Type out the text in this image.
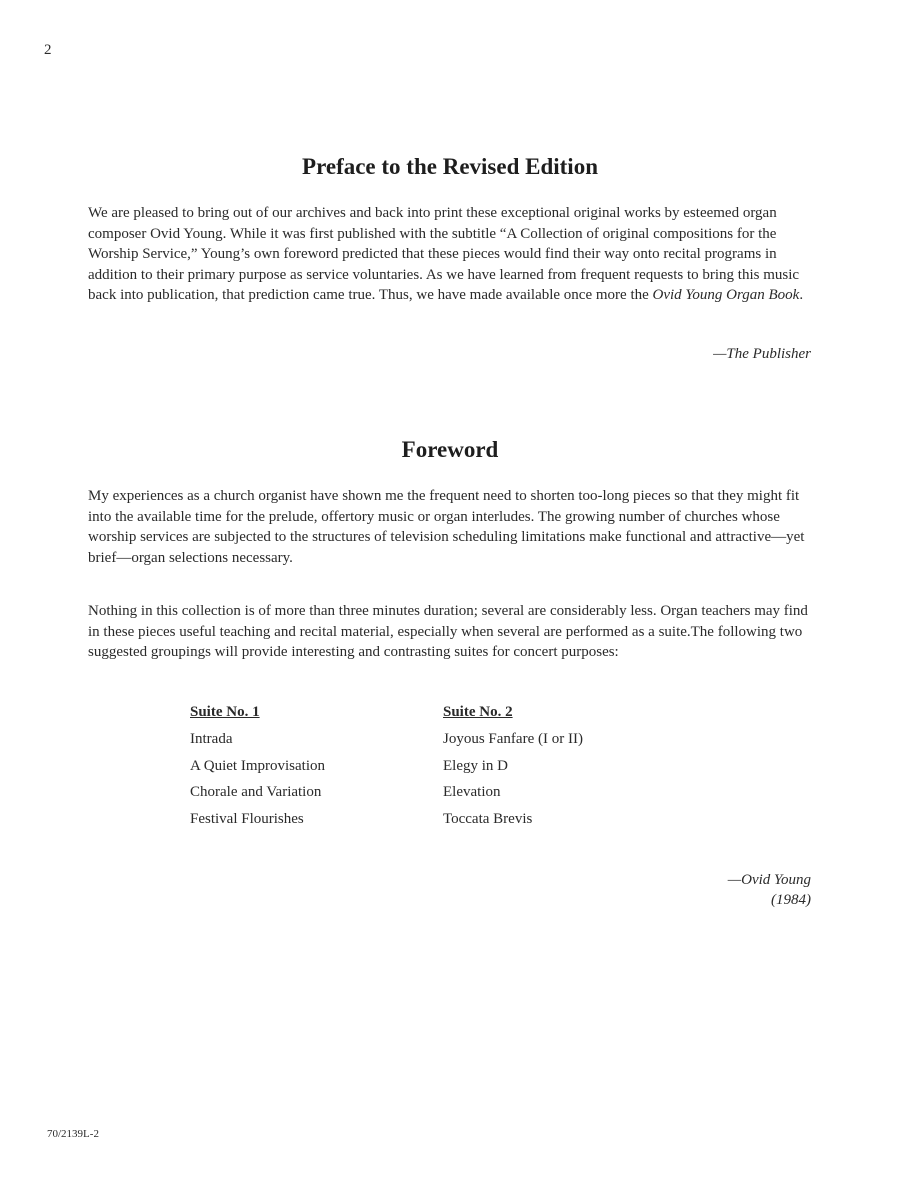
2
Preface to the Revised Edition

We are pleased to bring out of our archives and back into print these exceptional original works by esteemed organ composer Ovid Young. While it was first published with the subtitle “A Collection of original compositions for the Worship Service,” Young’s own foreword predicted that these pieces would find their way onto recital programs in addition to their primary purpose as service voluntaries. As we have learned from frequent requests to bring this music back into publication, that prediction came true. Thus, we have made available once more the Ovid Young Organ Book.

—The Publisher
Foreword

My experiences as a church organist have shown me the frequent need to shorten too-long pieces so that they might fit into the available time for the prelude, offertory music or organ interludes. The growing number of churches whose worship services are subjected to the structures of television scheduling limitations make functional and attractive—yet brief—organ selections necessary.

Nothing in this collection is of more than three minutes duration; several are considerably less. Organ teachers may find in these pieces useful teaching and recital material, especially when several are performed as a suite.The following two suggested groupings will provide interesting and contrasting suites for concert purposes:

Suite No. 1
Intrada
A Quiet Improvisation
Chorale and Variation
Festival Flourishes
Suite No. 2
Joyous Fanfare (I or II)
Elegy in D
Elevation
Toccata Brevis
—Ovid Young
(1984)
70/2139L-2
